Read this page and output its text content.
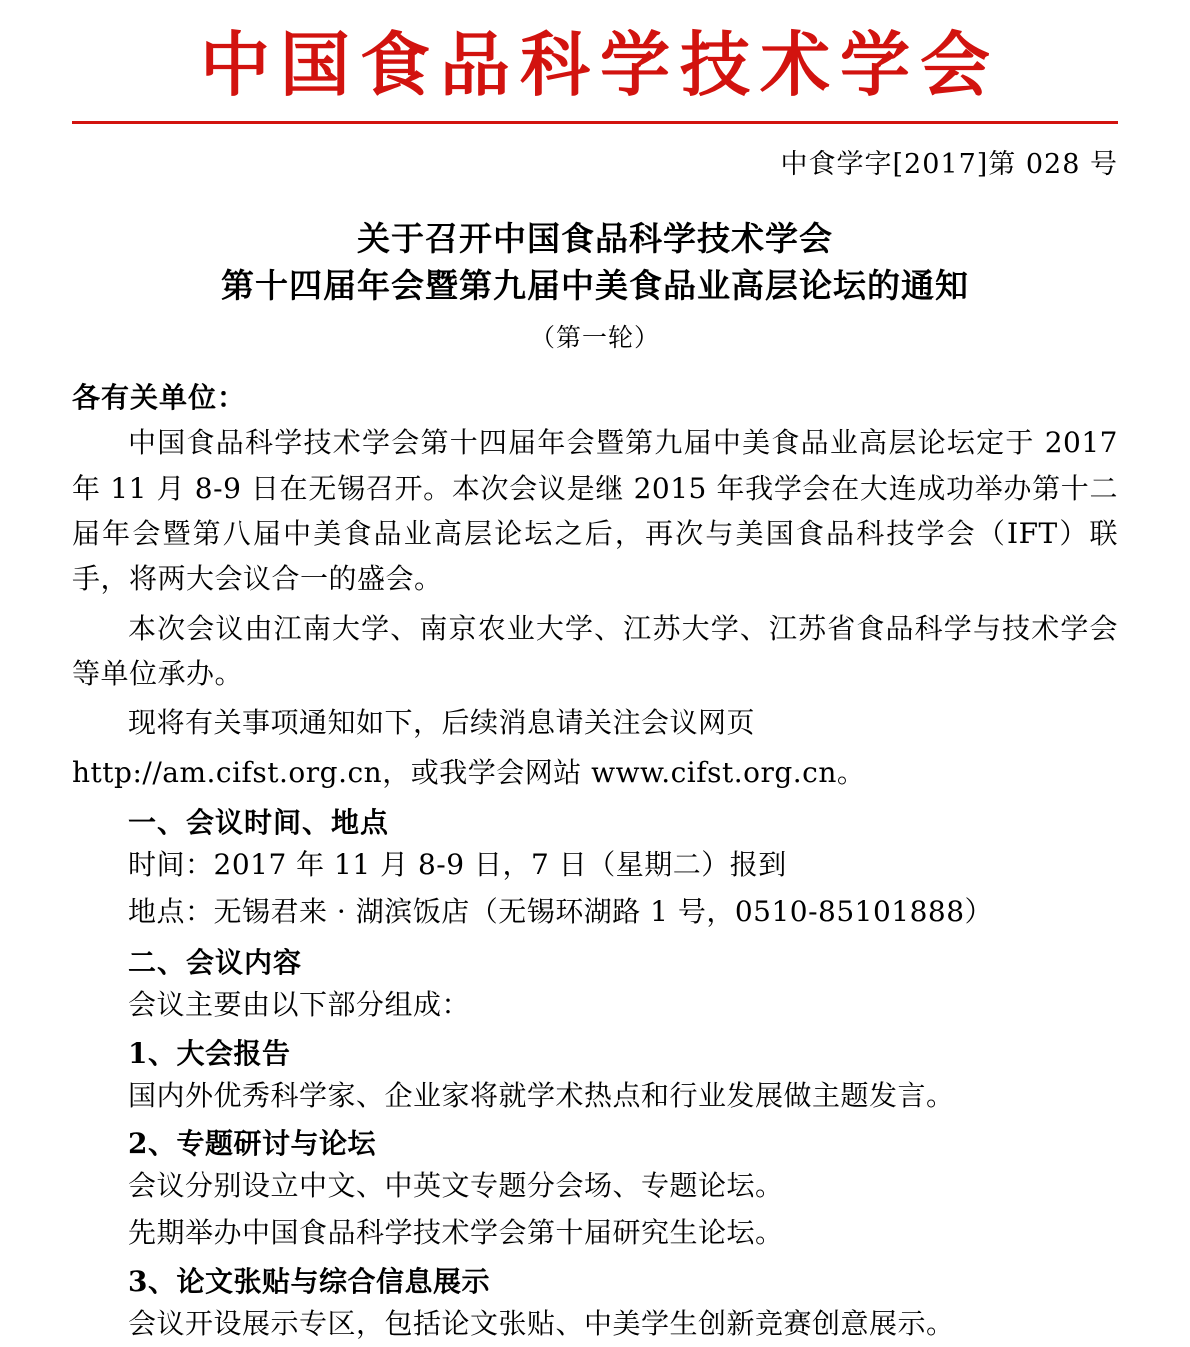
中国食品科学技术学会
中食学字[2017]第 028 号
关于召开中国食品科学技术学会
第十四届年会暨第九届中美食品业高层论坛的通知
（第一轮）
各有关单位：

中国食品科学技术学会第十四届年会暨第九届中美食品业高层论坛定于 2017 年 11 月 8-9 日在无锡召开。本次会议是继 2015 年我学会在大连成功举办第十二届年会暨第八届中美食品业高层论坛之后，再次与美国食品科技学会（IFT）联手，将两大会议合一的盛会。

本次会议由江南大学、南京农业大学、江苏大学、江苏省食品科学与技术学会等单位承办。

现将有关事项通知如下，后续消息请关注会议网页

http://am.cifst.org.cn，或我学会网站 www.cifst.org.cn。

一、会议时间、地点

时间：2017 年 11 月 8-9 日，7 日（星期二）报到

地点：无锡君来 · 湖滨饭店（无锡环湖路 1 号，0510-85101888）

二、会议内容

会议主要由以下部分组成：

1、大会报告

国内外优秀科学家、企业家将就学术热点和行业发展做主题发言。

2、专题研讨与论坛

会议分别设立中文、中英文专题分会场、专题论坛。

先期举办中国食品科学技术学会第十届研究生论坛。

3、论文张贴与综合信息展示

会议开设展示专区，包括论文张贴、中美学生创新竞赛创意展示。
